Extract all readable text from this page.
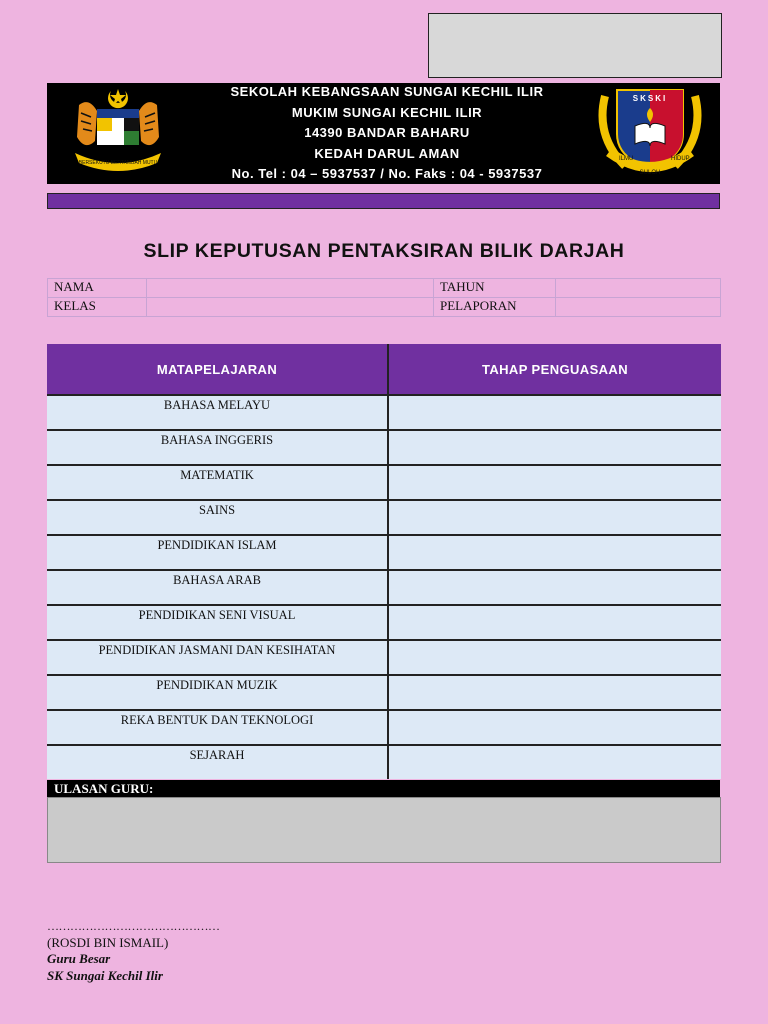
BERSEKUTU BERTAMBAH MUTU
SEKOLAH KEBANGSAAN SUNGAI KECHIL ILIR
MUKIM SUNGAI KECHIL ILIR
14390 BANDAR BAHARU
KEDAH DARUL AMAN
No. Tel : 04 – 5937537 / No. Faks : 04 - 5937537
SKSKI
ILMU
SULOH
HIDUP
SLIP KEPUTUSAN PENTAKSIRAN BILIK DARJAH
NAMA		TAHUN	
KELAS		PELAPORAN	
MATAPELAJARAN	TAHAP PENGUASAAN
BAHASA MELAYU	
BAHASA INGGERIS	
MATEMATIK	
SAINS	
PENDIDIKAN ISLAM	
BAHASA ARAB	
PENDIDIKAN SENI VISUAL	
PENDIDIKAN JASMANI DAN KESIHATAN	
PENDIDIKAN MUZIK	
REKA BENTUK DAN TEKNOLOGI	
SEJARAH	
ULASAN GURU:
………………………………………
(ROSDI BIN ISMAIL)
Guru Besar
SK Sungai Kechil Ilir
